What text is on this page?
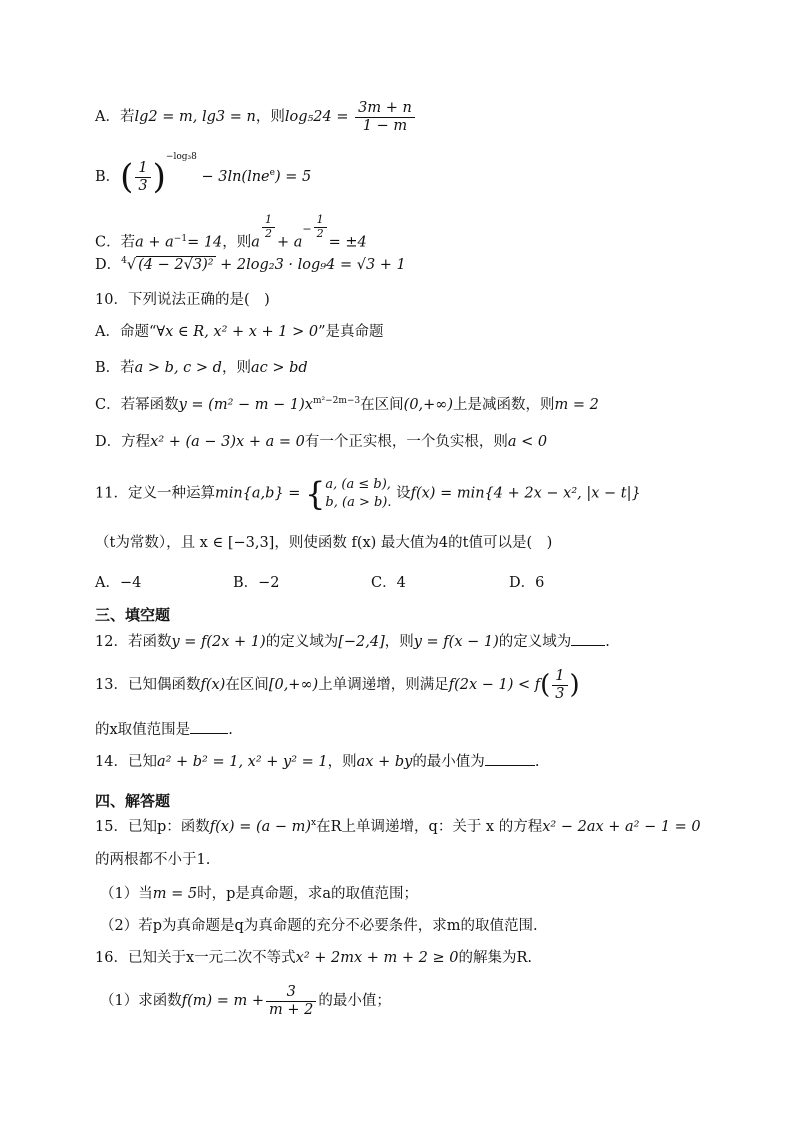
A．若lg2 = m, lg3 = n，则$\log_524 = \frac{3m + n}{1 - m}$
B．( $\frac{1}{3} )^{-log_38} - 3\ln(\ln e^e) = 5$
C．若$a + a^{-1}= 14$，则a
$\frac{1}{2}$
+ $a^- \frac{1}{2}$
= ±4
D．$^4$√ (4 − 2√3)² + 2log₂3 · log₉4 = √3 + 1
10．下列说法正确的是(　)
A．命题“∀x ∈ R, x² + x + 1 > 0”是真命题
B．若a > b, c > d，则ac > bd
C．若幂函数$y = (m^2 - m - 1)x^{m^2-2m-3}$在区间(0,+∞)上是减函数，则m = 2
D．方程x² + (a − 3)x + a = 0有一个正实根，一个负实根，则a < 0
11．定义一种运算min{a,b} = {a, (a ≤ b),
b, (a > b). 设f(x) = min{4 + 2x − x², |x − t|}
（t为常数），且 x ∈ [−3,3]，则使函数 f(x) 最大值为4的t值可以是(　)
A．−4	B．−2	C．4	D．6
三、填空题
12．若函数y = f(2x + 1)的定义域为[−2,4]，则y = f(x − 1)的定义域为 .
13．已知偶函数f(x)在区间[0,+∞)上单调递增，则满足$f(2x - 1) < f( \frac{1}{3}$ )
的x取值范围是	.
14．已知a² + b² = 1, x² + y² = 1，则ax + by的最小值为	.
四、解答题
15．已知p：函数$f(x) = (a - m)^x$在R上单调递增，q：关于 x 的方程x² − 2ax + a² − 1 = 0
的两根都不小于1.
（1）当m = 5时，p是真命题，求a的取值范围；
（2）若p为真命题是q为真命题的充分不必要条件，求m的取值范围.
16．已知关于x一元二次不等式x² + 2mx + m + 2 ≥ 0的解集为R.
（1）求函数$f(m) = m + \frac{3}{m + 2}$ 的最小值；
